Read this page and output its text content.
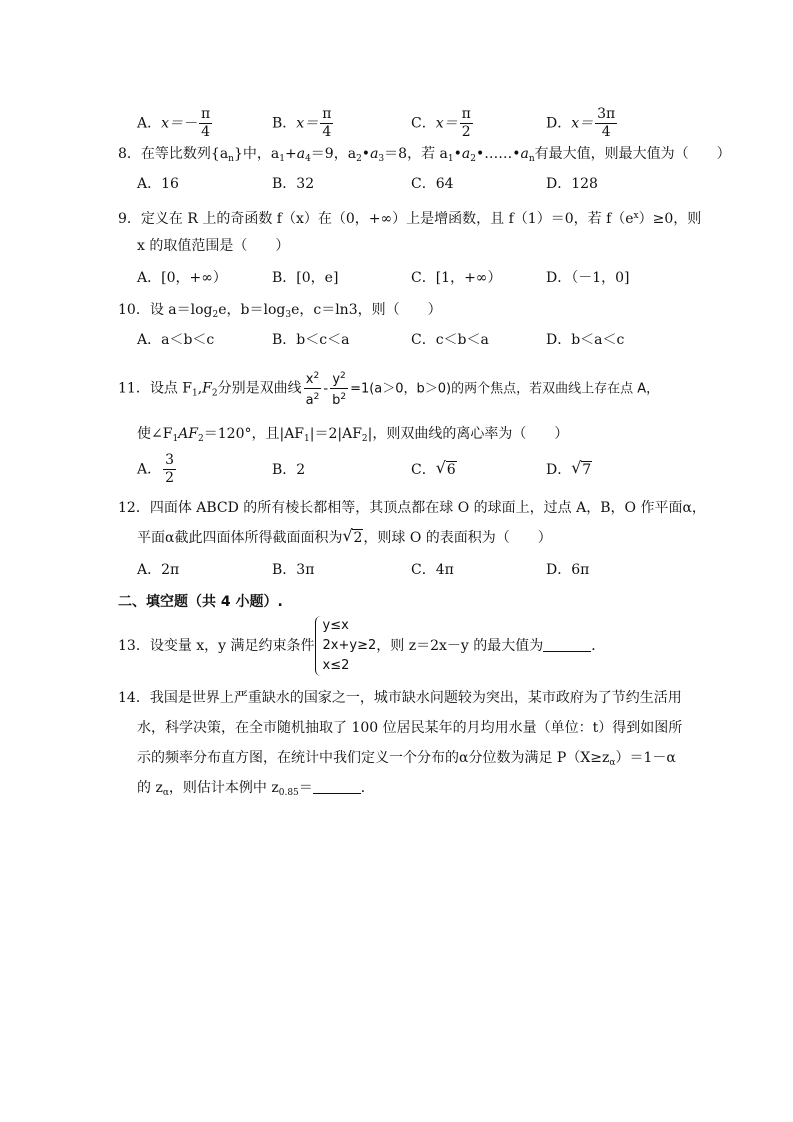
A．$x=- \frac{\pi}{4}$	B．$x= \frac{\pi}{4}$	C．$x= \frac{\pi}{2}$	D．$x= \frac{3\pi}{4}$
8．在等比数列$\{a_n\}$中，$a_1+a_4=9$，$a_2•a_3=8$，若 $a_1•a_2•\dots\dots•a_n$有最大值，则最大值为（　　）
A．16	B．32	C．64	D．128
9．定义在 R 上的奇函数 f（x）在（0，+∞）上是增函数，且 f（1）＝0，若 $f(e^x)\ge 0$，则
x 的取值范围是（　　）
A．[0，+∞）	B．[0，e]	C．[1，+∞）	D．（－1，0]
10．设 $a=\log_2e$，$b=\log_3e$，c＝ln3，则（　　）
A．a＜b＜c	B．b＜c＜a	C．c＜b＜a	D．b＜a＜c
11．设点 $F_1,F_2$分别是双曲线 $\frac{x^2}{a^2} - \frac{y^2}{b^2} =1(a>0$，b＞0)的两个焦点，若双曲线上存在点 A，
使$\angle F_1AF_2=120^\circ$，且$|AF_1|=2|AF_2|$，则双曲线的离心率为（　　）
A． $\frac{3}{2}$	B．2	C． √ 6	D． √ 7
12．四面体 ABCD 的所有棱长都相等，其顶点都在球 O 的球面上，过点 A，B，O 作平面α，
平面α截此四面体所得截面面积为 √ 2，则球 O 的表面积为（　　）
A．2π	B．3π	C．4π	D．6π
二、填空题（共 4 小题）.
13．设变量 x，y 满足约束条件
y≤x
2x+y≥2
x≤2
，则 z＝2x－y 的最大值为	．
14．我国是世界上严重缺水的国家之一，城市缺水问题较为突出，某市政府为了节约生活用
水，科学决策，在全市随机抽取了 100 位居民某年的月均用水量（单位：t）得到如图所
示的频率分布直方图，在统计中我们定义一个分布的α分位数为满足 $P(X\ge z_\alpha)=1-\alpha$
的 $z_\alpha$，则估计本例中 $z_{0.85}=$	．
